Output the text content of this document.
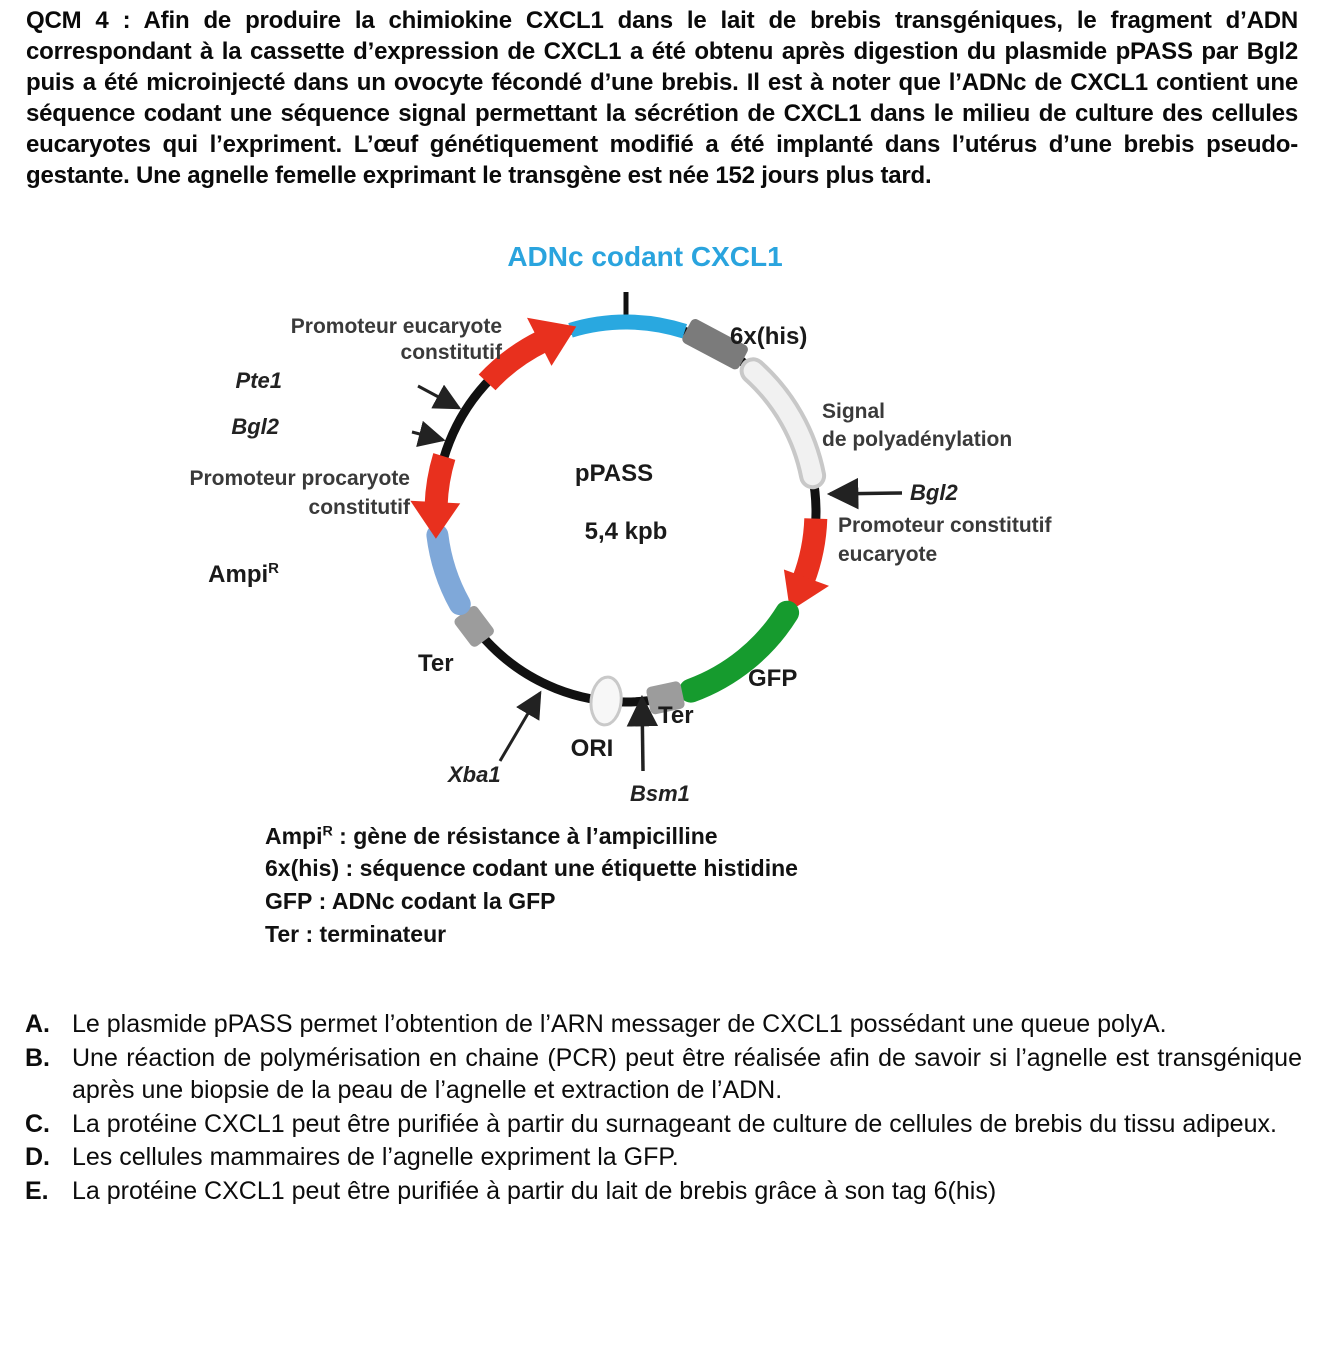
QCM 4 : Afin de produire la chimiokine CXCL1 dans le lait de brebis transgéniques, le fragment d’ADN correspondant à la cassette d’expression de CXCL1 a été obtenu après digestion du plasmide pPASS par Bgl2 puis a été microinjecté dans un ovocyte fécondé d’une brebis. Il est à noter que l’ADNc de CXCL1 contient une séquence codant une séquence signal permettant la sécrétion de CXCL1 dans le milieu de culture des cellules eucaryotes qui l’expriment. L’œuf génétiquement modifié a été implanté dans l’utérus d’une brebis pseudo-gestante. Une agnelle femelle exprimant le transgène est née 152 jours plus tard.
ADNc codant CXCL1
pPASS
5,4 kpb
Promoteur eucaryote
constitutif
Pte1
Bgl2
Promoteur procaryote
constitutif
Ampi$^R$
Ter
Xba1
ORI
Bsm1
Ter
GFP
Promoteur constitutif
eucaryote
Bgl2
Signal
de polyadénylation
6x(his)
Ampi$^R$ : gène de résistance à l’ampicilline
6x(his) : séquence codant une étiquette histidine
GFP : ADNc codant la GFP
Ter : terminateur
A. Le plasmide pPASS permet l’obtention de l’ARN messager de CXCL1 possédant une queue polyA.
B. Une réaction de polymérisation en chaine (PCR) peut être réalisée afin de savoir si l’agnelle est transgénique après une biopsie de la peau de l’agnelle et extraction de l’ADN.
C. La protéine CXCL1 peut être purifiée à partir du surnageant de culture de cellules de brebis du tissu adipeux.
D. Les cellules mammaires de l’agnelle expriment la GFP.
E. La protéine CXCL1 peut être purifiée à partir du lait de brebis grâce à son tag 6(his)
